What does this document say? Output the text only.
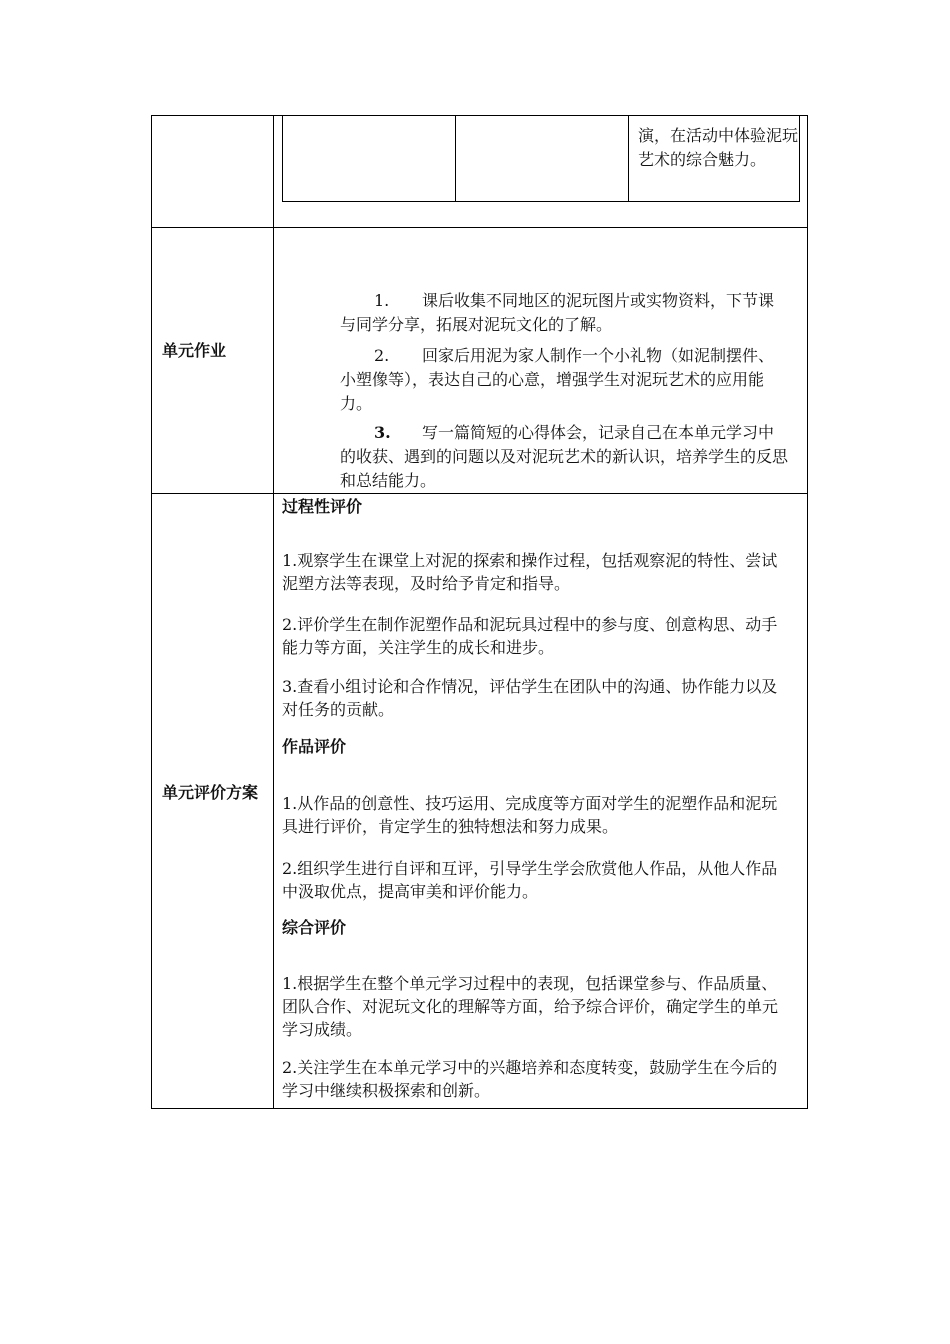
演，在活动中体验泥玩艺术的综合魅力。
单元作业
1. 课后收集不同地区的泥玩图片或实物资料，下节课与同学分享，拓展对泥玩文化的了解。
2. 回家后用泥为家人制作一个小礼物（如泥制摆件、小塑像等），表达自己的心意，增强学生对泥玩艺术的应用能力。
3. 写一篇简短的心得体会，记录自己在本单元学习中的收获、遇到的问题以及对泥玩艺术的新认识，培养学生的反思和总结能力。
单元评价方案
过程性评价
1.观察学生在课堂上对泥的探索和操作过程，包括观察泥的特性、尝试泥塑方法等表现，及时给予肯定和指导。
2.评价学生在制作泥塑作品和泥玩具过程中的参与度、创意构思、动手能力等方面，关注学生的成长和进步。
3.查看小组讨论和合作情况，评估学生在团队中的沟通、协作能力以及对任务的贡献。
作品评价
1.从作品的创意性、技巧运用、完成度等方面对学生的泥塑作品和泥玩具进行评价，肯定学生的独特想法和努力成果。
2.组织学生进行自评和互评，引导学生学会欣赏他人作品，从他人作品中汲取优点，提高审美和评价能力。
综合评价
1.根据学生在整个单元学习过程中的表现，包括课堂参与、作品质量、团队合作、对泥玩文化的理解等方面，给予综合评价，确定学生的单元学习成绩。
2.关注学生在本单元学习中的兴趣培养和态度转变，鼓励学生在今后的学习中继续积极探索和创新。
